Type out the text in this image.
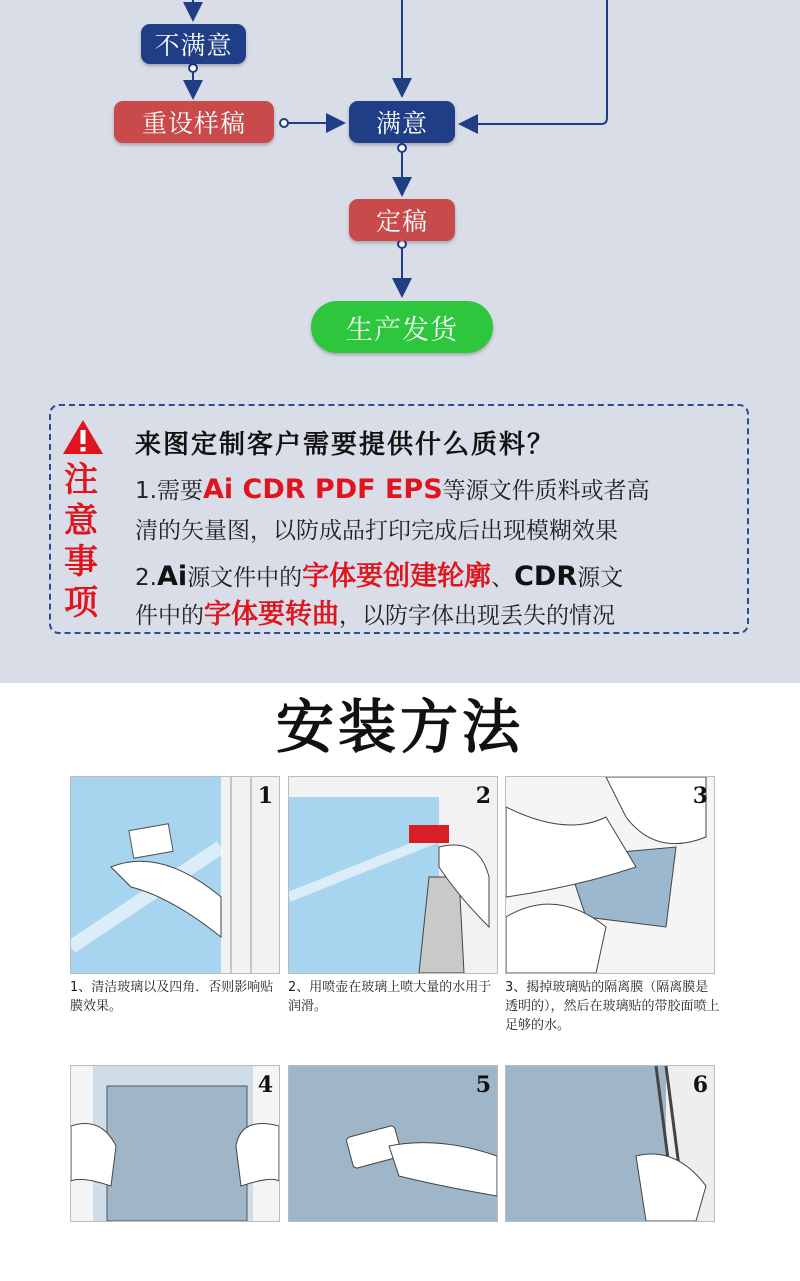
不满意
重设样稿	满意
定稿
生产发货
注
意
事
项
来图定制客户需要提供什么质料？
1.需要Ai CDR PDF EPS等源文件质料或者高
清的矢量图，以防成品打印完成后出现模糊效果
2.Ai源文件中的字体要创建轮廓、CDR源文
件中的字体要转曲，以防字体出现丢失的情况
安装方法
1	2	3
1、清洁玻璃以及四角．否则影响贴膜效果。
2、用喷壶在玻璃上喷大量的水用于润滑。
3、揭掉玻璃贴的隔离膜（隔离膜是透明的），然后在玻璃贴的带胶面喷上足够的水。
4	5	6
